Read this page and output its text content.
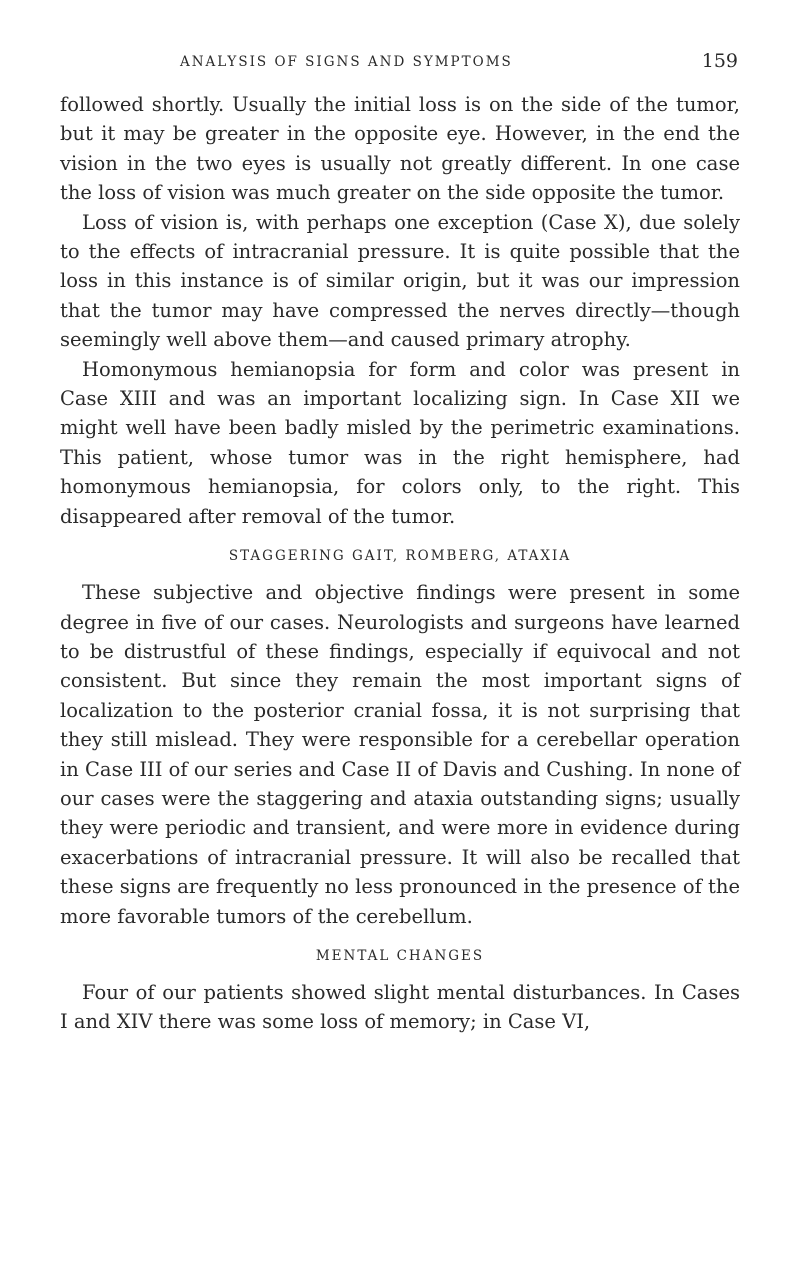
ANALYSIS OF SIGNS AND SYMPTOMS	159

followed shortly. Usually the initial loss is on the side of the tumor, but it may be greater in the opposite eye. However, in the end the vision in the two eyes is usually not greatly different. In one case the loss of vision was much greater on the side opposite the tumor.

Loss of vision is, with perhaps one exception (Case X), due solely to the effects of intracranial pressure. It is quite possible that the loss in this instance is of similar origin, but it was our impression that the tumor may have compressed the nerves directly—though seemingly well above them—and caused primary atrophy.

Homonymous hemianopsia for form and color was present in Case XIII and was an important localizing sign. In Case XII we might well have been badly misled by the perimetric examinations. This patient, whose tumor was in the right hemisphere, had homonymous hemianopsia, for colors only, to the right. This disappeared after removal of the tumor.

STAGGERING GAIT, ROMBERG, ATAXIA

These subjective and objective findings were present in some degree in five of our cases. Neurologists and surgeons have learned to be distrustful of these findings, especially if equivocal and not consistent. But since they remain the most important signs of localization to the posterior cranial fossa, it is not surprising that they still mislead. They were responsible for a cerebellar operation in Case III of our series and Case II of Davis and Cushing. In none of our cases were the staggering and ataxia outstanding signs; usually they were periodic and transient, and were more in evidence during exacerbations of intracranial pressure. It will also be recalled that these signs are frequently no less pronounced in the presence of the more favorable tumors of the cerebellum.

MENTAL CHANGES

Four of our patients showed slight mental disturbances. In Cases I and XIV there was some loss of memory; in Case VI,
